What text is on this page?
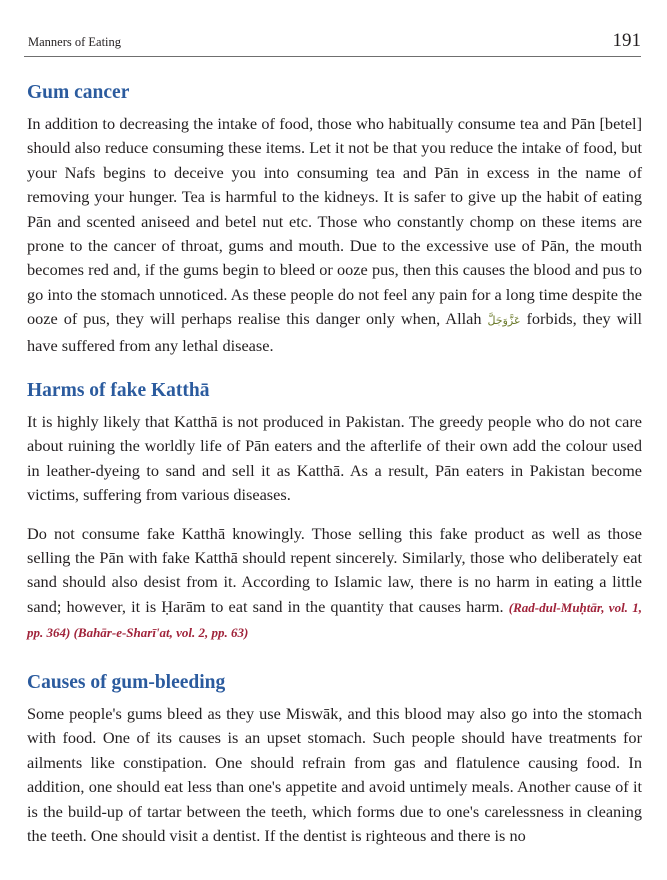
Manners of Eating	191
Gum cancer

In addition to decreasing the intake of food, those who habitually consume tea and Pān [betel] should also reduce consuming these items. Let it not be that you reduce the intake of food, but your Nafs begins to deceive you into consuming tea and Pān in excess in the name of removing your hunger. Tea is harmful to the kidneys. It is safer to give up the habit of eating Pān and scented aniseed and betel nut etc. Those who constantly chomp on these items are prone to the cancer of throat, gums and mouth. Due to the excessive use of Pān, the mouth becomes red and, if the gums begin to bleed or ooze pus, then this causes the blood and pus to go into the stomach unnoticed. As these people do not feel any pain for a long time despite the ooze of pus, they will perhaps realise this danger only when, Allah عَزَّوَجَلَّ forbids, they will have suffered from any lethal disease.

Harms of fake Katthā

It is highly likely that Katthā is not produced in Pakistan. The greedy people who do not care about ruining the worldly life of Pān eaters and the afterlife of their own add the colour used in leather-dyeing to sand and sell it as Katthā. As a result, Pān eaters in Pakistan become victims, suffering from various diseases.

Do not consume fake Katthā knowingly. Those selling this fake product as well as those selling the Pān with fake Katthā should repent sincerely. Similarly, those who deliberately eat sand should also desist from it. According to Islamic law, there is no harm in eating a little sand; however, it is Ḥarām to eat sand in the quantity that causes harm. (Rad-dul-Muḥtār, vol. 1, pp. 364) (Bahār-e-Sharī'at, vol. 2, pp. 63)

Causes of gum-bleeding

Some people's gums bleed as they use Miswāk, and this blood may also go into the stomach with food. One of its causes is an upset stomach. Such people should have treatments for ailments like constipation. One should refrain from gas and flatulence causing food. In addition, one should eat less than one's appetite and avoid untimely meals. Another cause of it is the build-up of tartar between the teeth, which forms due to one's carelessness in cleaning the teeth. One should visit a dentist. If the dentist is righteous and there is no
